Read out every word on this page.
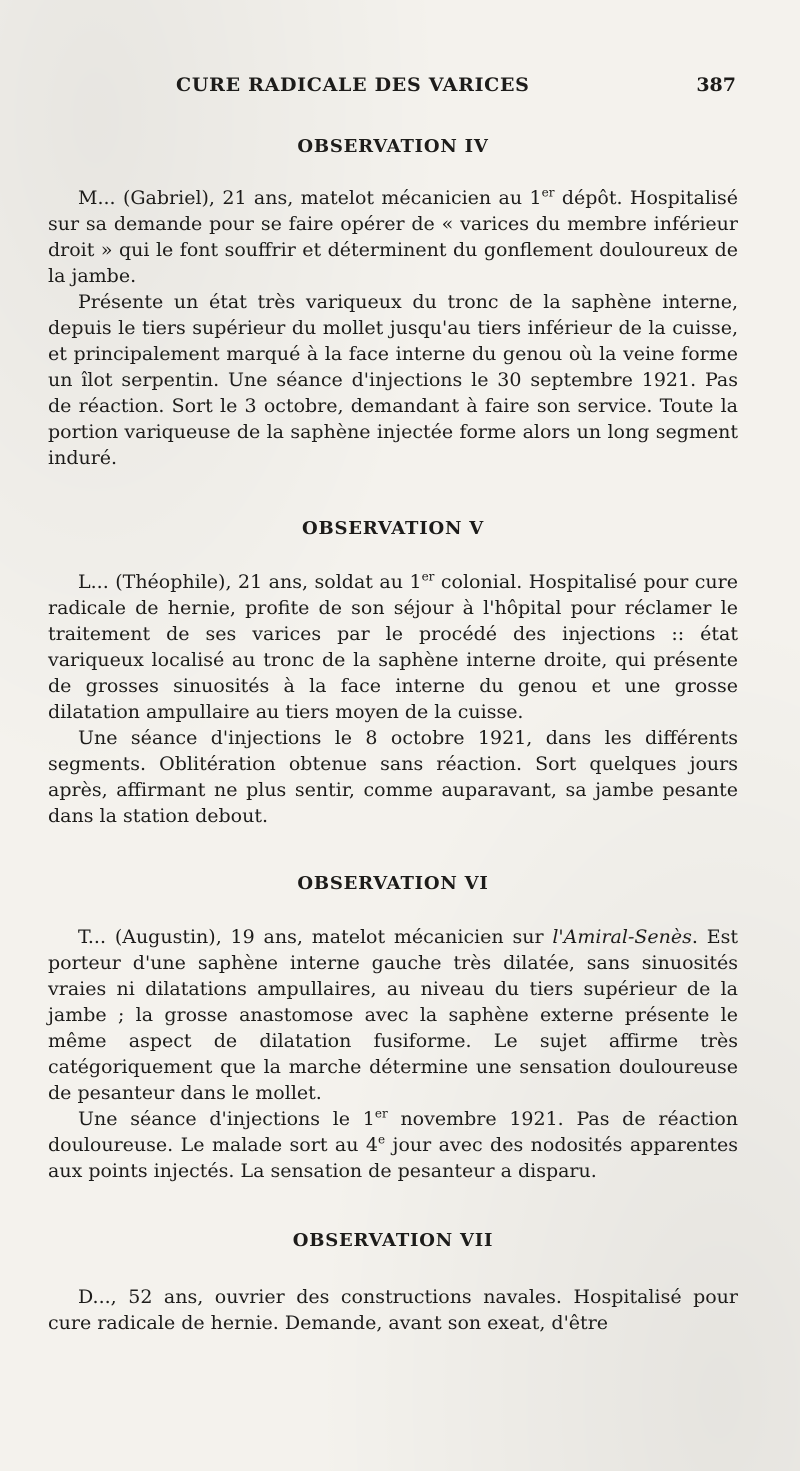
CURE RADICALE DES VARICES	387
OBSERVATION IV

M... (Gabriel), 21 ans, matelot mécanicien au 1er dépôt. Hospitalisé sur sa demande pour se faire opérer de « varices du membre inférieur droit » qui le font souffrir et déterminent du gonflement douloureux de la jambe.

Présente un état très variqueux du tronc de la saphène interne, depuis le tiers supérieur du mollet jusqu'au tiers inférieur de la cuisse, et principalement marqué à la face interne du genou où la veine forme un îlot serpentin. Une séance d'injections le 30 septembre 1921. Pas de réaction. Sort le 3 octobre, demandant à faire son service. Toute la portion variqueuse de la saphène injectée forme alors un long segment induré.

OBSERVATION V

L... (Théophile), 21 ans, soldat au 1er colonial. Hospitalisé pour cure radicale de hernie, profite de son séjour à l'hôpital pour réclamer le traitement de ses varices par le procédé des injections :: état variqueux localisé au tronc de la saphène interne droite, qui présente de grosses sinuosités à la face interne du genou et une grosse dilatation ampullaire au tiers moyen de la cuisse.

Une séance d'injections le 8 octobre 1921, dans les différents segments. Oblitération obtenue sans réaction. Sort quelques jours après, affirmant ne plus sentir, comme auparavant, sa jambe pesante dans la station debout.

OBSERVATION VI

T... (Augustin), 19 ans, matelot mécanicien sur l'Amiral-Senès. Est porteur d'une saphène interne gauche très dilatée, sans sinuosités vraies ni dilatations ampullaires, au niveau du tiers supérieur de la jambe ; la grosse anastomose avec la saphène externe présente le même aspect de dilatation fusiforme. Le sujet affirme très catégoriquement que la marche détermine une sensation douloureuse de pesanteur dans le mollet.

Une séance d'injections le 1er novembre 1921. Pas de réaction douloureuse. Le malade sort au 4e jour avec des nodosités apparentes aux points injectés. La sensation de pesanteur a disparu.

OBSERVATION VII

D..., 52 ans, ouvrier des constructions navales. Hospitalisé pour cure radicale de hernie. Demande, avant son exeat, d'être
